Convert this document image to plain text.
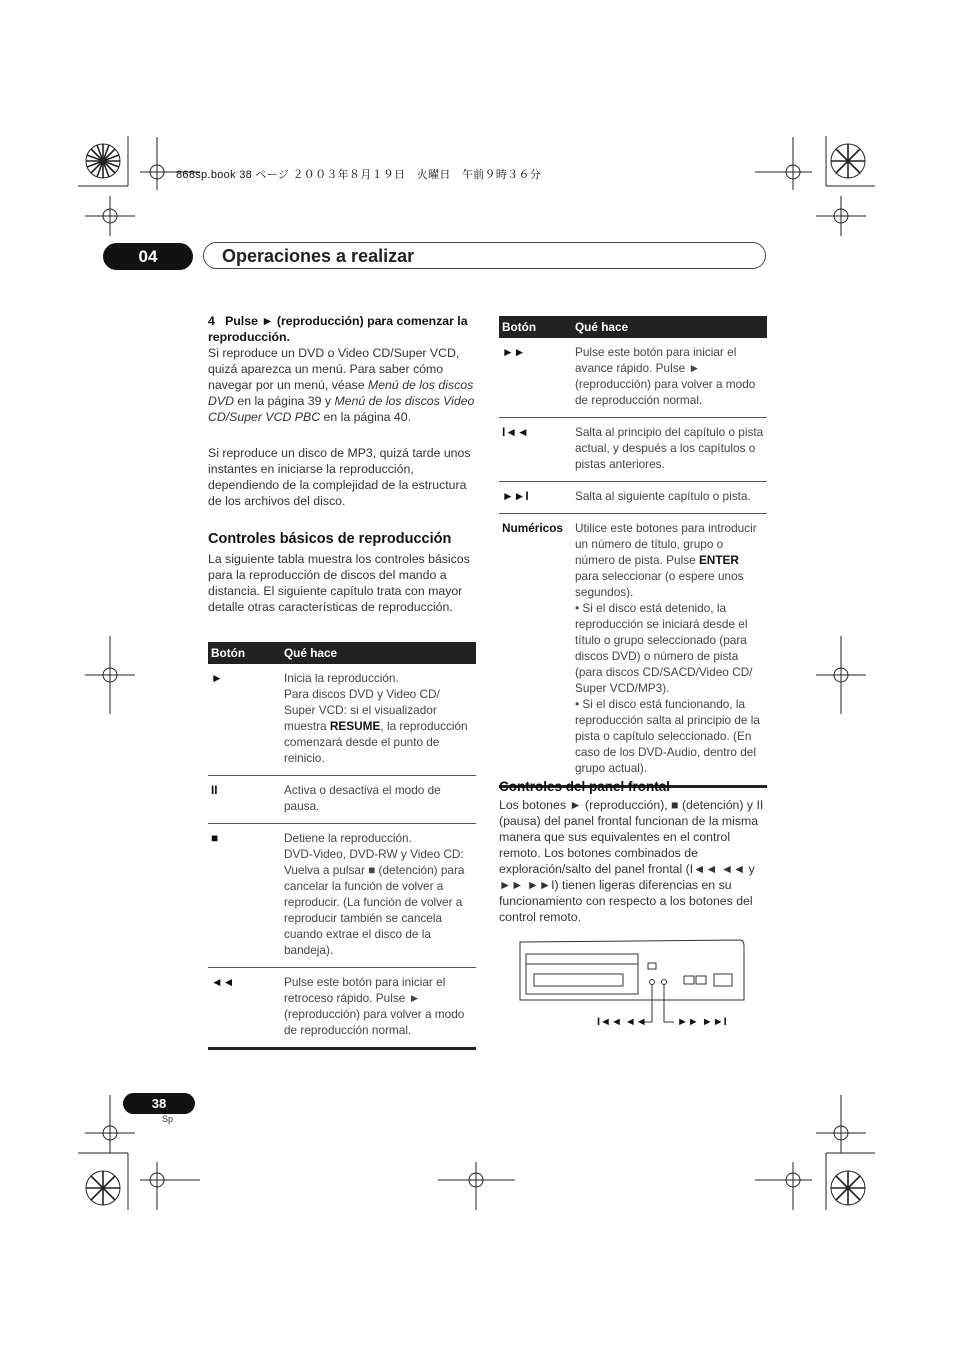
868sp.book 38 ページ ２００３年８月１９日　火曜日　午前９時３６分
04	Operaciones a realizar
4 Pulse ► (reproducción) para comenzar la reproducción.
Si reproduce un DVD o Video CD/Super VCD, quizá aparezca un menú. Para saber cómo navegar por un menú, véase Menú de los discos DVD en la página 39 y Menú de los discos Video CD/Super VCD PBC en la página 40.
Si reproduce un disco de MP3, quizá tarde unos instantes en iniciarse la reproducción, dependiendo de la complejidad de la estructura de los archivos del disco.
Controles básicos de reproducción
La siguiente tabla muestra los controles básicos para la reproducción de discos del mando a distancia. El siguiente capítulo trata con mayor detalle otras características de reproducción.
Botón	Qué hace
►	Inicia la reproducción.
Para discos DVD y Video CD/ Super VCD: si el visualizador muestra RESUME, la reproducción comenzará desde el punto de reinicio.
II	Activa o desactiva el modo de pausa.
■	Detiene la reproducción.
DVD-Video, DVD-RW y Video CD: Vuelva a pulsar ■ (detención) para cancelar la función de volver a reproducir. (La función de volver a reproducir también se cancela cuando extrae el disco de la bandeja).
◄◄	Pulse este botón para iniciar el retroceso rápido. Pulse ► (reproducción) para volver a modo de reproducción normal.
Botón	Qué hace
►►	Pulse este botón para iniciar el avance rápido. Pulse ► (reproducción) para volver a modo de reproducción normal.
I◄◄	Salta al principio del capítulo o pista actual, y después a los capítulos o pistas anteriores.
►►I	Salta al siguiente capítulo o pista.
Numéricos	Utilice este botones para introducir un número de título, grupo o número de pista. Pulse ENTER para seleccionar (o espere unos segundos).
• Si el disco está detenido, la reproducción se iniciará desde el título o grupo seleccionado (para discos DVD) o número de pista (para discos CD/SACD/Video CD/ Super VCD/MP3).
• Si el disco está funcionando, la reproducción salta al principio de la pista o capítulo seleccionado. (En caso de los DVD-Audio, dentro del grupo actual).
Controles del panel frontal
Los botones ► (reproducción), ■ (detención) y II (pausa) del panel frontal funcionan de la misma manera que sus equivalentes en el control remoto. Los botones combinados de exploración/salto del panel frontal (I◄◄ ◄◄ y ►► ►►I) tienen ligeras diferencias en su funcionamiento con respecto a los botones del control remoto.
I◄◄ ◄◄	►► ►►I
38
Sp
